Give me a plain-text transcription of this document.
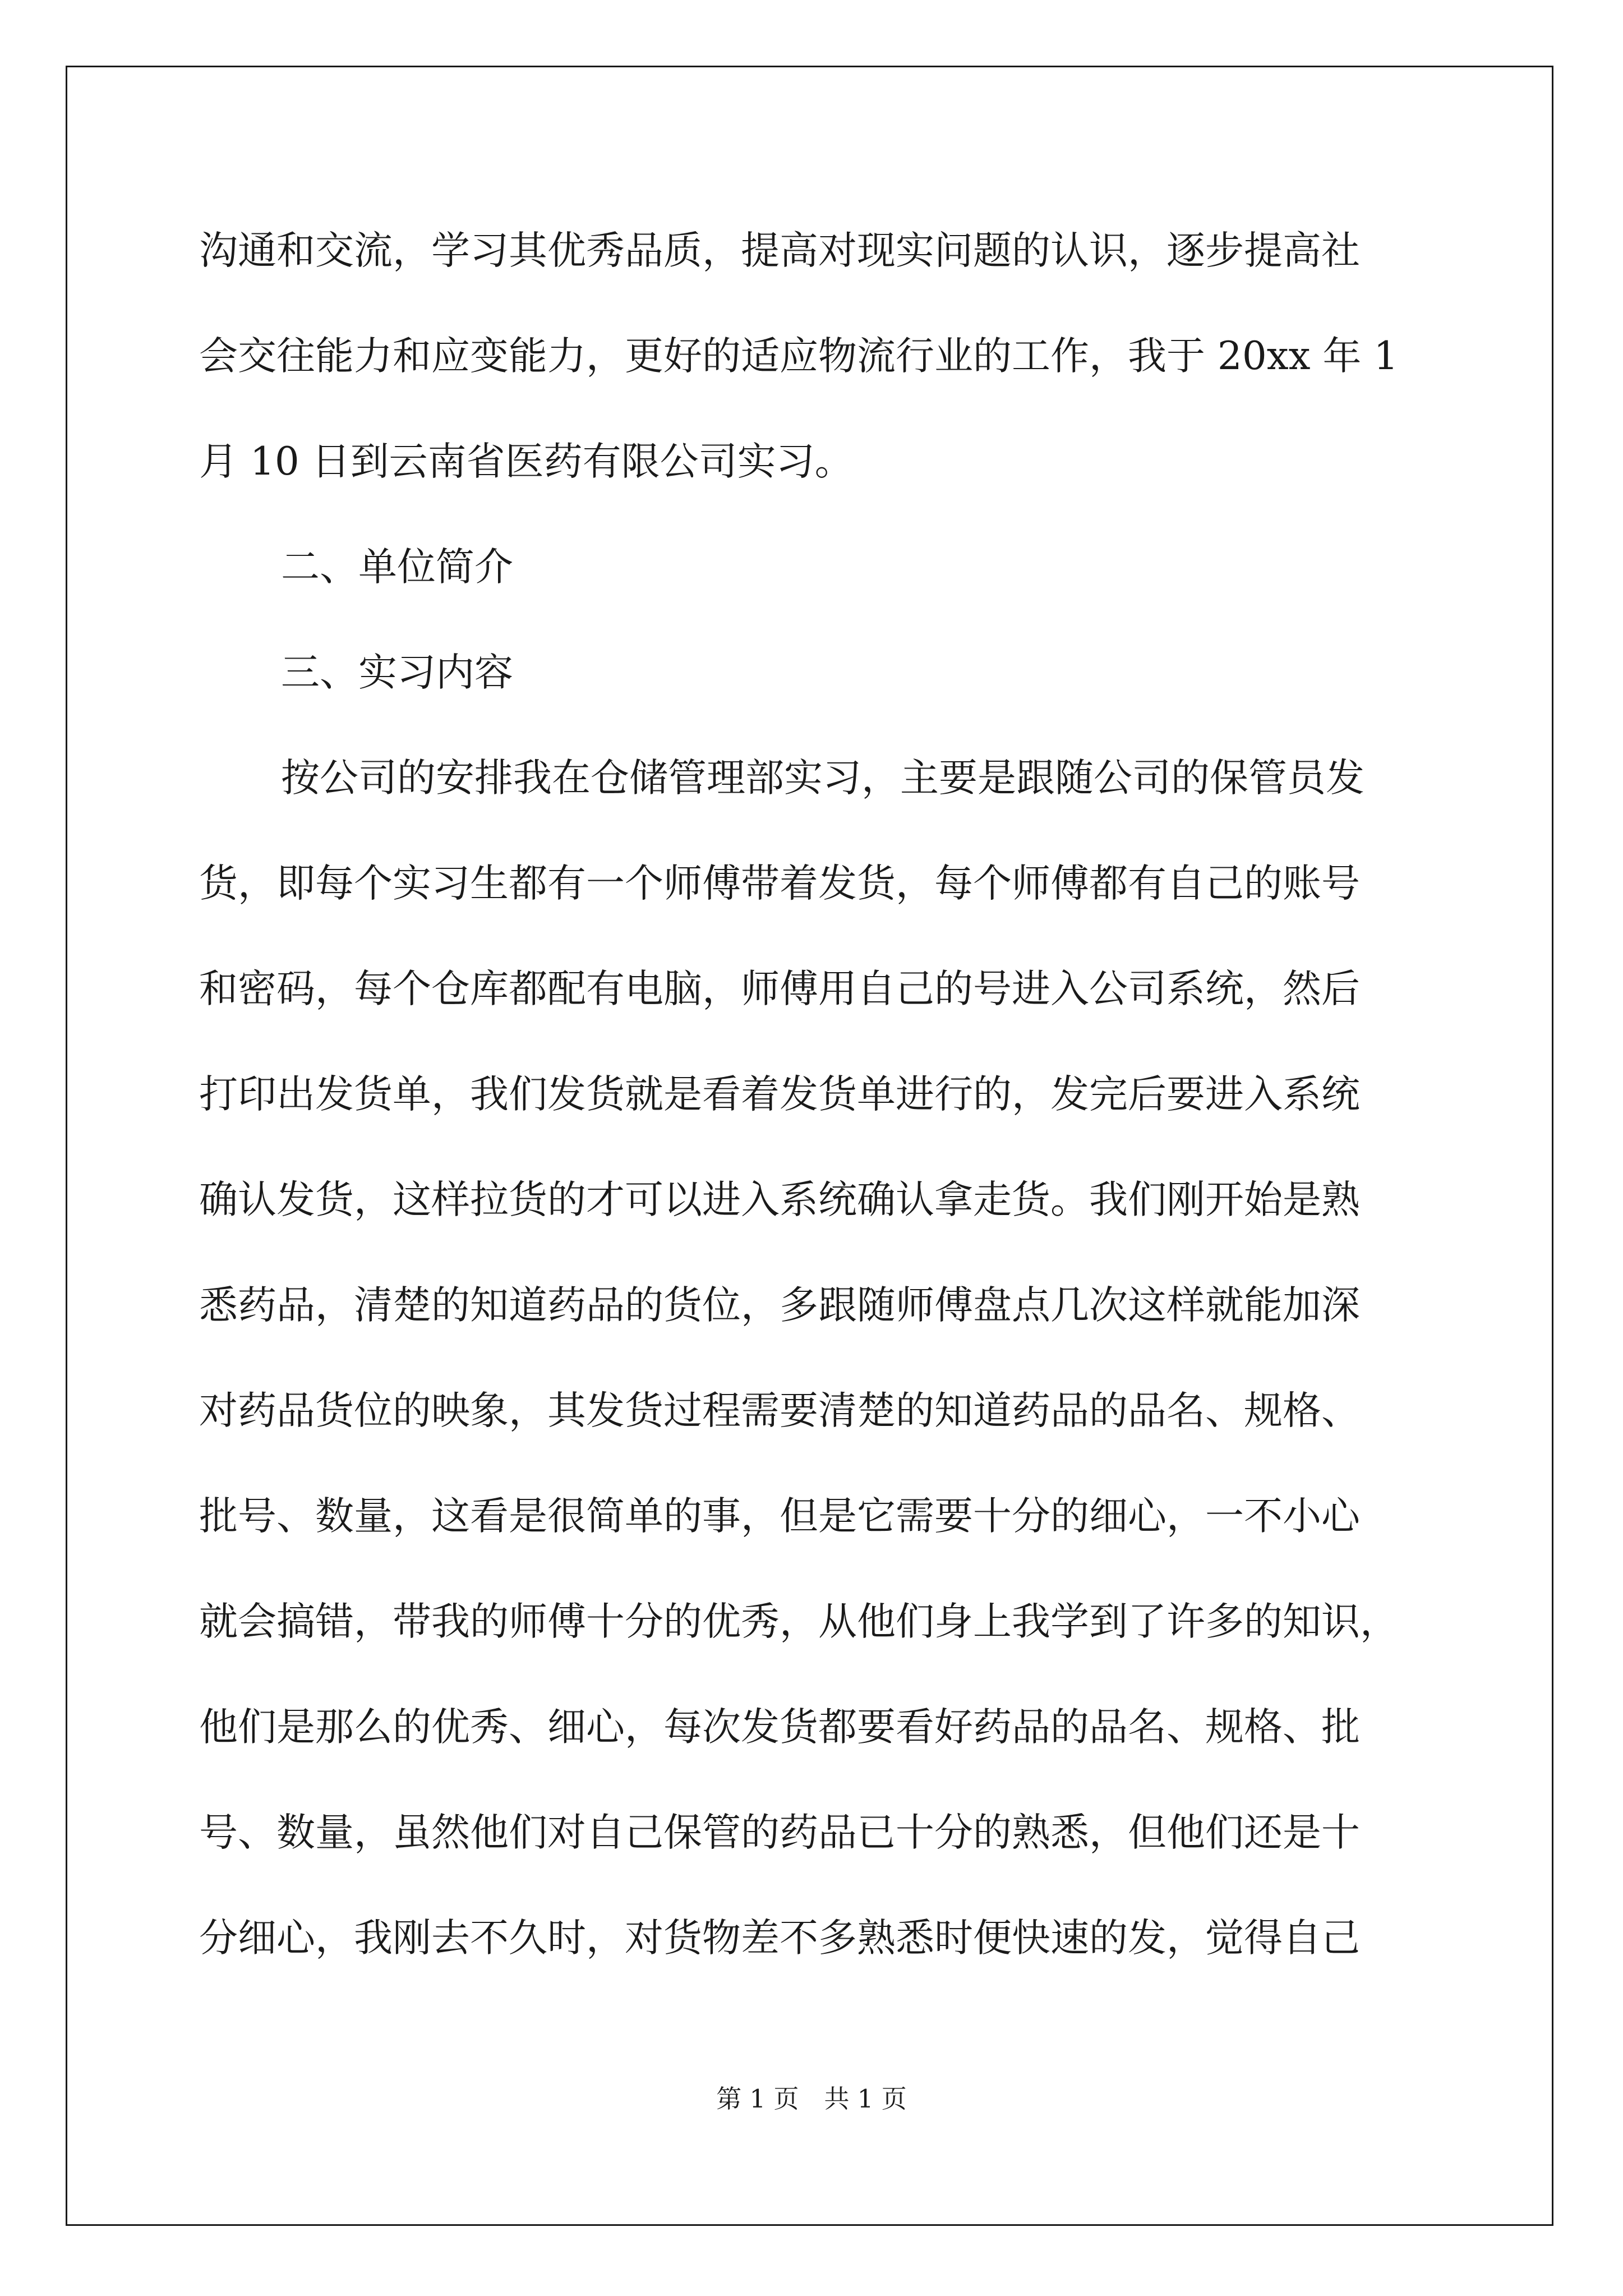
沟通和交流，学习其优秀品质，提高对现实问题的认识，逐步提高社
会交往能力和应变能力，更好的适应物流行业的工作，我于 20xx 年 1
月 10 日到云南省医药有限公司实习。
二、单位简介
三、实习内容
按公司的安排我在仓储管理部实习，主要是跟随公司的保管员发
货，即每个实习生都有一个师傅带着发货，每个师傅都有自己的账号
和密码，每个仓库都配有电脑，师傅用自己的号进入公司系统，然后
打印出发货单，我们发货就是看着发货单进行的，发完后要进入系统
确认发货，这样拉货的才可以进入系统确认拿走货。我们刚开始是熟
悉药品，清楚的知道药品的货位，多跟随师傅盘点几次这样就能加深
对药品货位的映象，其发货过程需要清楚的知道药品的品名、规格、
批号、数量，这看是很简单的事，但是它需要十分的细心，一不小心
就会搞错，带我的师傅十分的优秀，从他们身上我学到了许多的知识，
他们是那么的优秀、细心，每次发货都要看好药品的品名、规格、批
号、数量，虽然他们对自己保管的药品已十分的熟悉，但他们还是十
分细心，我刚去不久时，对货物差不多熟悉时便快速的发，觉得自己
第 1 页 共 1 页
